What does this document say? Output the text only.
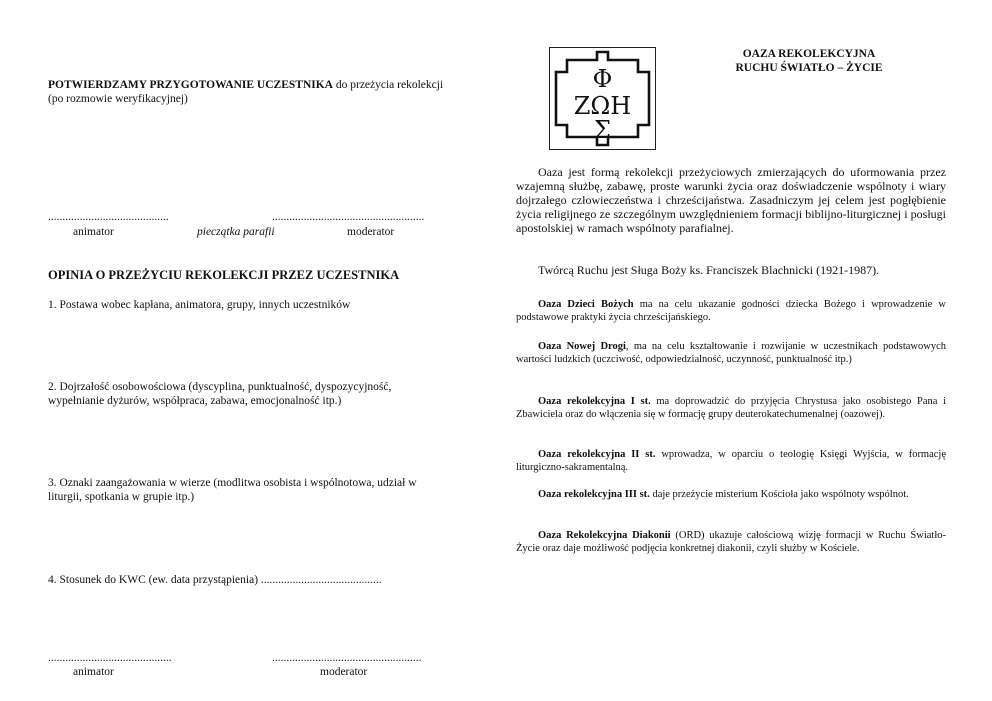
POTWIERDZAMY PRZYGOTOWANIE UCZESTNIKA do przeżycia rekolekcji (po rozmowie weryfikacyjnej)

..........................................	.....................................................
animator	pieczątka parafii	moderator
OPINIA O PRZEŻYCIU REKOLEKCJI PRZEZ UCZESTNIKA

1. Postawa wobec kapłana, animatora, grupy, innych uczestników

2. Dojrzałość osobowościowa (dyscyplina, punktualność, dyspozycyjność, wypełnianie dyżurów, współpraca, zabawa, emocjonalność itp.)

3. Oznaki zaangażowania w wierze (modlitwa osobista i wspólnotowa, udział w liturgii, spotkania w grupie itp.)

4. Stosunek do KWC (ew. data przystąpienia) ..........................................

...........................................	....................................................
animator	moderator
Φ
ΖΩΗ
Σ
OAZA REKOLEKCYJNA
RUCHU ŚWIATŁO – ŻYCIE

Oaza jest formą rekolekcji przeżyciowych zmierzających do uformowania przez wzajemną służbę, zabawę, proste warunki życia oraz doświadczenie wspólnoty i wiary dojrzałego człowieczeństwa i chrześcijaństwa. Zasadniczym jej celem jest pogłębienie życia religijnego ze szczególnym uwzględnieniem formacji biblijno-liturgicznej i posługi apostolskiej w ramach wspólnoty parafialnej.

Twórcą Ruchu jest Sługa Boży ks. Franciszek Blachnicki (1921-1987).

Oaza Dzieci Bożych ma na celu ukazanie godności dziecka Bożego i wprowadzenie w podstawowe praktyki życia chrześcijańskiego.

Oaza Nowej Drogi, ma na celu kształtowanie i rozwijanie w uczestnikach podstawowych wartości ludzkich (uczciwość, odpowiedzialność, uczynność, punktualność itp.)

Oaza rekolekcyjna I st. ma doprowadzić do przyjęcia Chrystusa jako osobistego Pana i Zbawiciela oraz do włączenia się w formację grupy deuterokatechumenalnej (oazowej).

Oaza rekolekcyjna II st. wprowadza, w oparciu o teologię Księgi Wyjścia, w formację liturgiczno-sakramentalną.

Oaza rekolekcyjna III st. daje przeżycie misterium Kościoła jako wspólnoty wspólnot.

Oaza Rekolekcyjna Diakonii (ORD) ukazuje całościową wizję formacji w Ruchu Światło-Życie oraz daje możliwość podjęcia konkretnej diakonii, czyli służby w Kościele.
